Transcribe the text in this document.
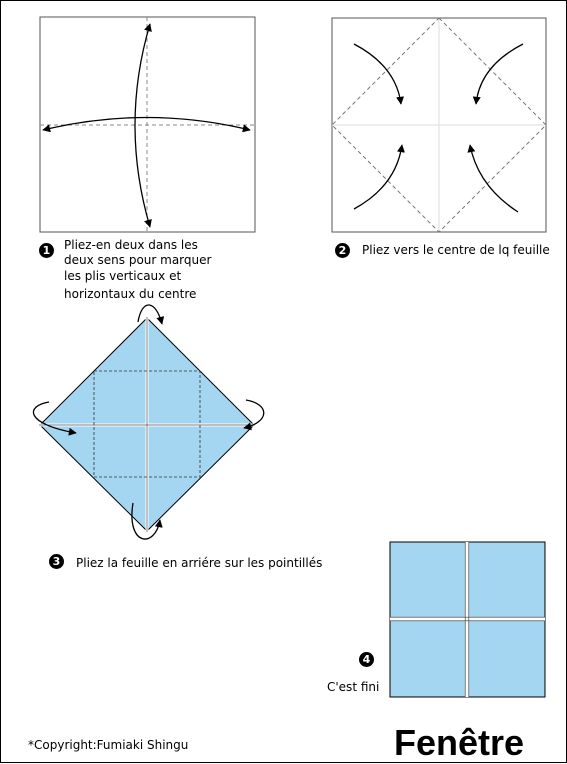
1	Pliez-en deux dans les
deux sens pour marquer
les plis verticaux et
horizontaux du centre
2	Pliez vers le centre de lq feuille
3	Pliez la feuille en arriére sur les pointillés
4
C'est fini
*Copyright:Fumiaki Shingu	Fenêtre
